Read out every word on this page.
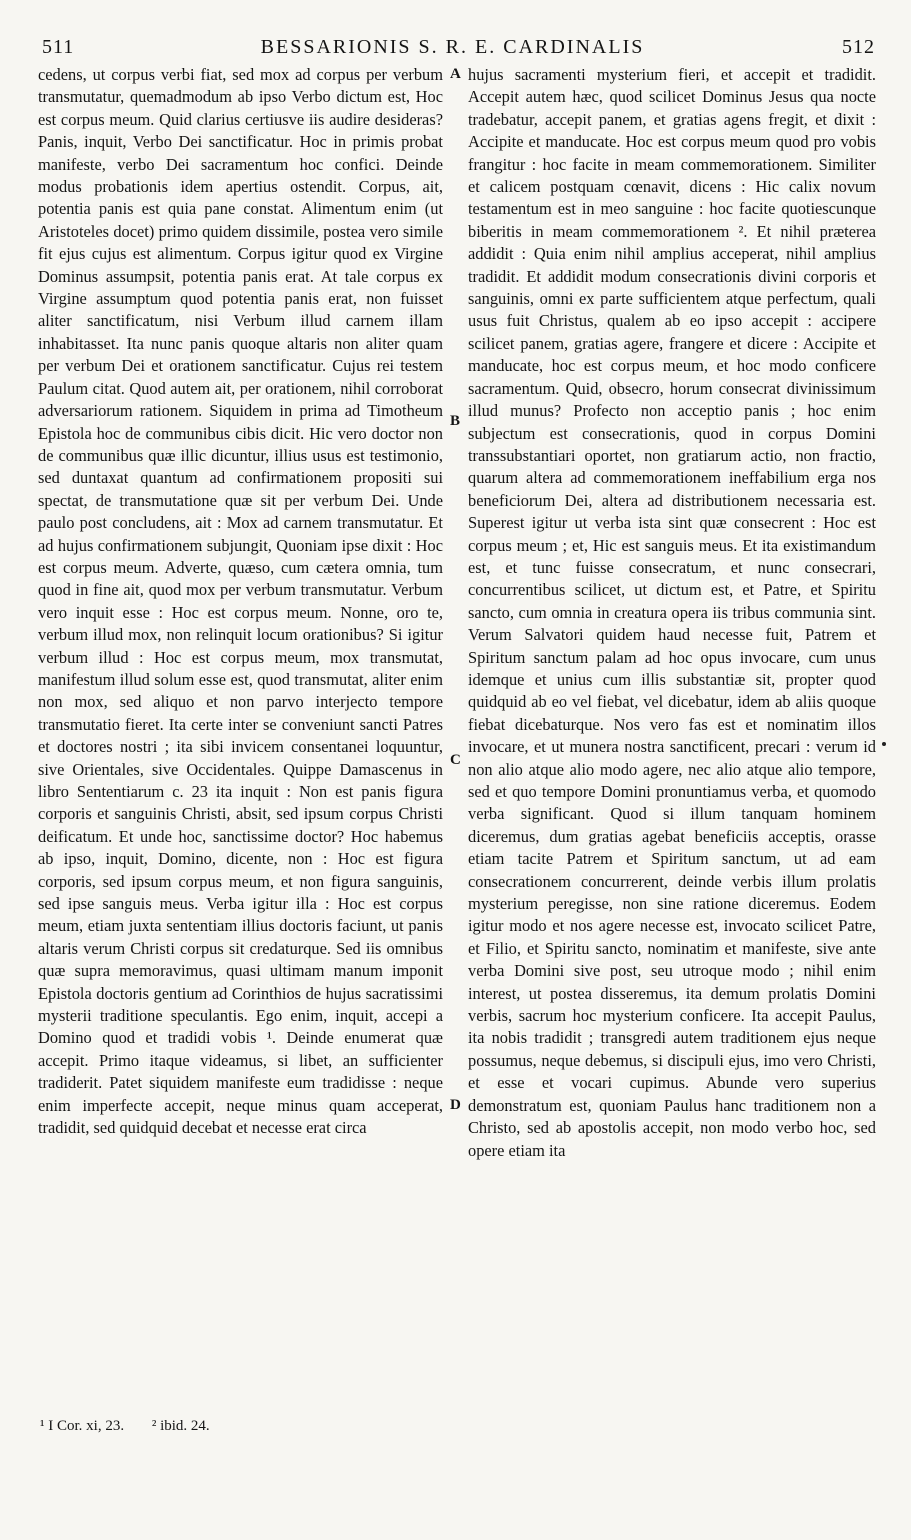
511	BESSARIONIS S. R. E. CARDINALIS	512

cedens, ut corpus verbi fiat, sed mox ad corpus per verbum transmutatur, quemadmodum ab ipso Verbo dictum est, Hoc est corpus meum. Quid clarius certiusve iis audire desideras? Panis, inquit, Verbo Dei sanctificatur. Hoc in primis probat manifeste, verbo Dei sacramentum hoc confici. Deinde modus probationis idem apertius ostendit. Corpus, ait, potentia panis est quia pane constat. Alimentum enim (ut Aristoteles docet) primo quidem dissimile, postea vero simile fit ejus cujus est alimentum. Corpus igitur quod ex Virgine Dominus assumpsit, potentia panis erat. At tale corpus ex Virgine assumptum quod potentia panis erat, non fuisset aliter sanctificatum, nisi Verbum illud carnem illam inhabitasset. Ita nunc panis quoque altaris non aliter quam per verbum Dei et orationem sanctificatur. Cujus rei testem Paulum citat. Quod autem ait, per orationem, nihil corroborat adversariorum rationem. Siquidem in prima ad Timotheum Epistola hoc de communibus cibis dicit. Hic vero doctor non de communibus quæ illic dicuntur, illius usus est testimonio, sed duntaxat quantum ad confirmationem propositi sui spectat, de transmutatione quæ sit per verbum Dei. Unde paulo post concludens, ait : Mox ad carnem transmutatur. Et ad hujus confirmationem subjungit, Quoniam ipse dixit : Hoc est corpus meum. Adverte, quæso, cum cætera omnia, tum quod in fine ait, quod mox per verbum transmutatur. Verbum vero inquit esse : Hoc est corpus meum. Nonne, oro te, verbum illud mox, non relinquit locum orationibus? Si igitur verbum illud : Hoc est corpus meum, mox transmutat, manifestum illud solum esse est, quod transmutat, aliter enim non mox, sed aliquo et non parvo interjecto tempore transmutatio fieret. Ita certe inter se conveniunt sancti Patres et doctores nostri ; ita sibi invicem consentanei loquuntur, sive Orientales, sive Occidentales. Quippe Damascenus in libro Sententiarum c. 23 ita inquit : Non est panis figura corporis et sanguinis Christi, absit, sed ipsum corpus Christi deificatum. Et unde hoc, sanctissime doctor? Hoc habemus ab ipso, inquit, Domino, dicente, non : Hoc est figura corporis, sed ipsum corpus meum, et non figura sanguinis, sed ipse sanguis meus. Verba igitur illa : Hoc est corpus meum, etiam juxta sententiam illius doctoris faciunt, ut panis altaris verum Christi corpus sit credaturque. Sed iis omnibus quæ supra memoravimus, quasi ultimam manum imponit Epistola doctoris gentium ad Corinthios de hujus sacratissimi mysterii traditione speculantis. Ego enim, inquit, accepi a Domino quod et tradidi vobis ¹. Deinde enumerat quæ accepit. Primo itaque videamus, si libet, an sufficienter tradiderit. Patet siquidem manifeste eum tradidisse : neque enim imperfecte accepit, neque minus quam acceperat, tradidit, sed quidquid decebat et necesse erat circa

A
B
C
D

hujus sacramenti mysterium fieri, et accepit et tradidit. Accepit autem hæc, quod scilicet Dominus Jesus qua nocte tradebatur, accepit panem, et gratias agens fregit, et dixit : Accipite et manducate. Hoc est corpus meum quod pro vobis frangitur : hoc facite in meam commemorationem. Similiter et calicem postquam cœnavit, dicens : Hic calix novum testamentum est in meo sanguine : hoc facite quotiescunque biberitis in meam commemorationem ². Et nihil præterea addidit : Quia enim nihil amplius acceperat, nihil amplius tradidit. Et addidit modum consecrationis divini corporis et sanguinis, omni ex parte sufficientem atque perfectum, quali usus fuit Christus, qualem ab eo ipso accepit : accipere scilicet panem, gratias agere, frangere et dicere : Accipite et manducate, hoc est corpus meum, et hoc modo conficere sacramentum. Quid, obsecro, horum consecrat divinissimum illud munus? Profecto non acceptio panis ; hoc enim subjectum est consecrationis, quod in corpus Domini transsubstantiari oportet, non gratiarum actio, non fractio, quarum altera ad commemorationem ineffabilium erga nos beneficiorum Dei, altera ad distributionem necessaria est. Superest igitur ut verba ista sint quæ consecrent : Hoc est corpus meum ; et, Hic est sanguis meus. Et ita existimandum est, et tunc fuisse consecratum, et nunc consecrari, concurrentibus scilicet, ut dictum est, et Patre, et Spiritu sancto, cum omnia in creatura opera iis tribus communia sint. Verum Salvatori quidem haud necesse fuit, Patrem et Spiritum sanctum palam ad hoc opus invocare, cum unus idemque et unius cum illis substantiæ sit, propter quod quidquid ab eo vel fiebat, vel dicebatur, idem ab aliis quoque fiebat dicebaturque. Nos vero fas est et nominatim illos invocare, et ut munera nostra sanctificent, precari : verum id non alio atque alio modo agere, nec alio atque alio tempore, sed et quo tempore Domini pronuntiamus verba, et quomodo verba significant. Quod si illum tanquam hominem diceremus, dum gratias agebat beneficiis acceptis, orasse etiam tacite Patrem et Spiritum sanctum, ut ad eam consecrationem concurrerent, deinde verbis illum prolatis mysterium peregisse, non sine ratione diceremus. Eodem igitur modo et nos agere necesse est, invocato scilicet Patre, et Filio, et Spiritu sancto, nominatim et manifeste, sive ante verba Domini sive post, seu utroque modo ; nihil enim interest, ut postea disseremus, ita demum prolatis Domini verbis, sacrum hoc mysterium conficere. Ita accepit Paulus, ita nobis tradidit ; transgredi autem traditionem ejus neque possumus, neque debemus, si discipuli ejus, imo vero Christi, et esse et vocari cupimus. Abunde vero superius demonstratum est, quoniam Paulus hanc traditionem non a Christo, sed ab apostolis accepit, non modo verbo hoc, sed opere etiam ita

¹ I Cor. xi, 23. ² ibid. 24.
